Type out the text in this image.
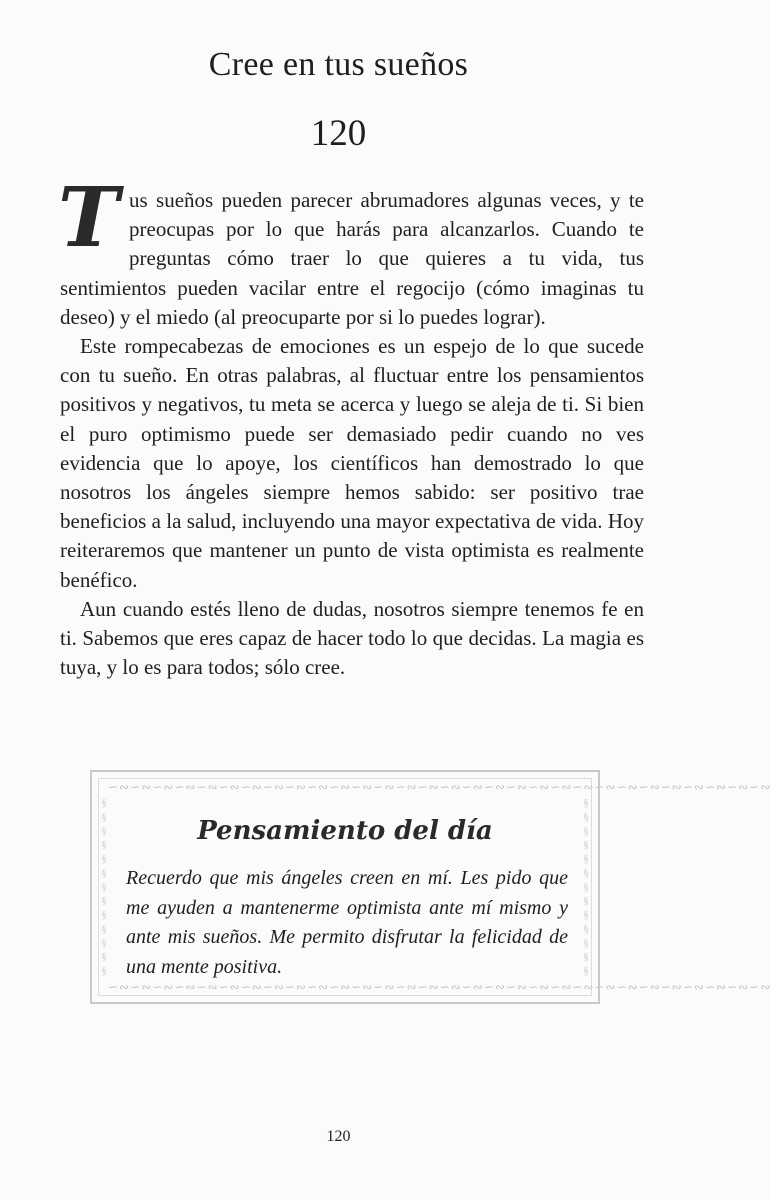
Cree en tus sueños
120

Tus sueños pueden parecer abrumadores algunas veces, y te preocupas por lo que harás para alcanzarlos. Cuando te preguntas cómo traer lo que quieres a tu vida, tus sentimientos pueden vacilar entre el regocijo (cómo imaginas tu deseo) y el miedo (al preocuparte por si lo puedes lograr).

Este rompecabezas de emociones es un espejo de lo que sucede con tu sueño. En otras palabras, al fluctuar entre los pensamientos positivos y negativos, tu meta se acerca y luego se aleja de ti. Si bien el puro optimismo puede ser demasiado pedir cuando no ves evidencia que lo apoye, los científicos han demostrado lo que nosotros los ángeles siempre hemos sabido: ser positivo trae beneficios a la salud, incluyendo una mayor expectativa de vida. Hoy reiteraremos que mantener un punto de vista optimista es realmente benéfico.

Aun cuando estés lleno de dudas, nosotros siempre tenemos fe en ti. Sabemos que eres capaz de hacer todo lo que decidas. La magia es tuya, y lo es para todos; sólo cree.

∽∾∽∾∽∾∽∾∽∾∽∾∽∾∽∾∽∾∽∾∽∾∽∾∽∾∽∾∽∾∽∾∽∾∽∾∽∾∽∾∽∾∽∾∽∾∽∾∽∾∽∾∽∾∽∾∽∾∽∾
§
§
§
§
§
§
§
§
§
§
§
§
§
§
§
§
§
§
§
§
§
§
§
§
§
§
Pensamiento del día

Recuerdo que mis ángeles creen en mí. Les pido que me ayuden a mantenerme optimista ante mí mismo y ante mis sueños. Me permito disfrutar la felicidad de una mente positiva.

∽∾∽∾∽∾∽∾∽∾∽∾∽∾∽∾∽∾∽∾∽∾∽∾∽∾∽∾∽∾∽∾∽∾∽∾∽∾∽∾∽∾∽∾∽∾∽∾∽∾∽∾∽∾∽∾∽∾∽∾
120
